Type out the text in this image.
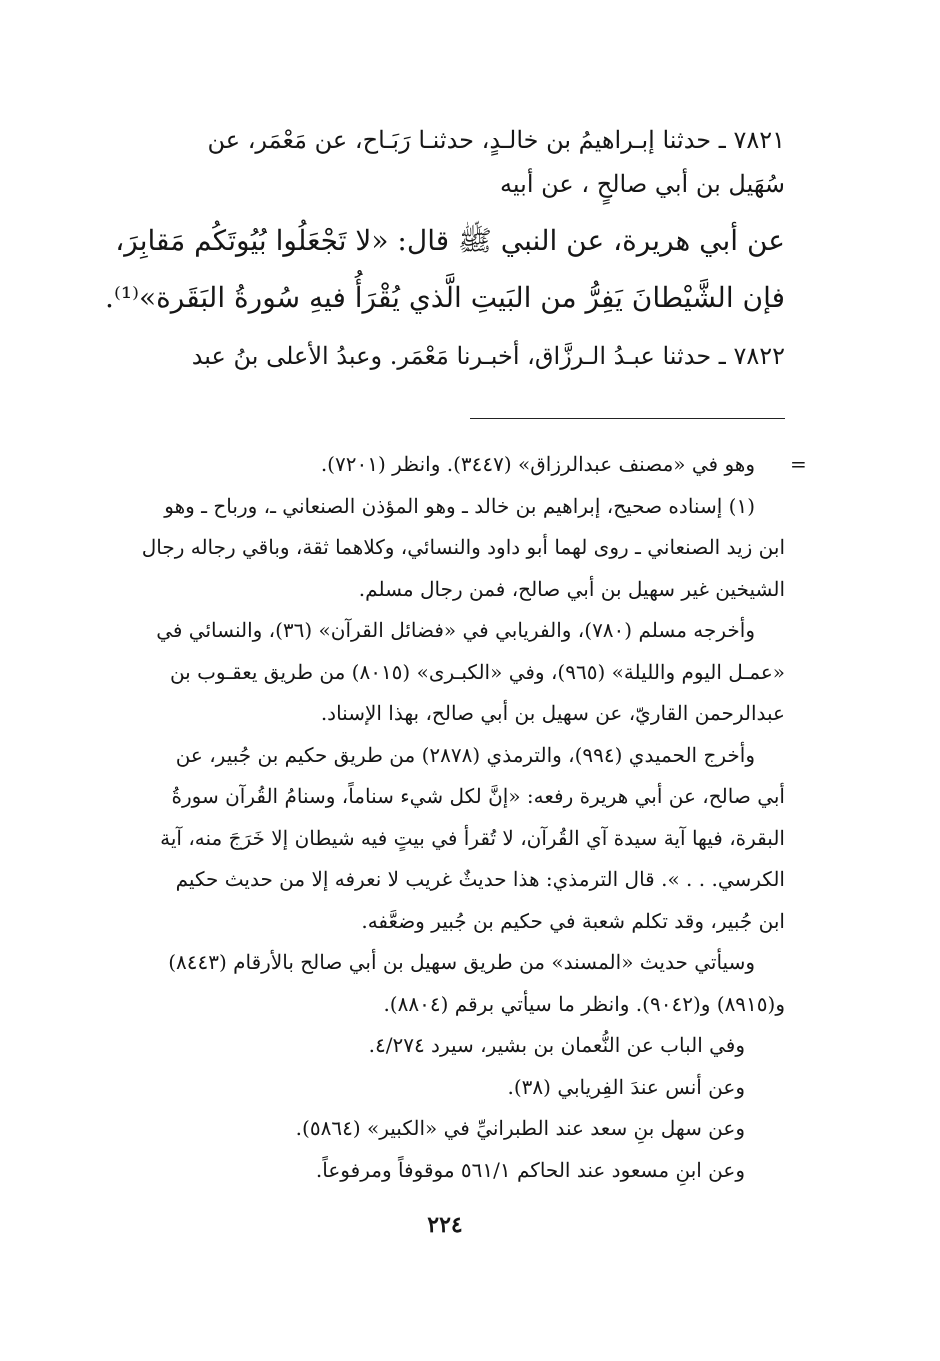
٧٨٢١ ـ حدثنا إبـراهيمُ بن خالـدٍ، حدثنـا رَبَـاح، عن مَعْمَر، عن
سُهَيل بن أبي صالحٍ ، عن أبيه
عن أبي هريرة، عن النبي ﷺ قال: «لا تَجْعَلُوا بُيُوتَكُم مَقابِرَ،
فإن الشَّيْطانَ يَفِرُّ من البَيتِ الَّذي يُقْرَأُ فيهِ سُورةُ البَقَرة»⁽¹⁾.
٧٨٢٢ ـ حدثنا عبـدُ الـرزَّاق، أخبـرنا مَعْمَر. وعبدُ الأعلى بنُ عبد
=
وهو في «مصنف عبدالرزاق» (٣٤٤٧). وانظر (٧٢٠١).
(١) إسناده صحيح، إبراهيم بن خالد ـ وهو المؤذن الصنعاني ـ، ورباح ـ وهو
ابن زيد الصنعاني ـ روى لهما أبو داود والنسائي، وكلاهما ثقة، وباقي رجاله رجال
الشيخين غير سهيل بن أبي صالح، فمن رجال مسلم.
وأخرجه مسلم (٧٨٠)، والفريابي في «فضائل القرآن» (٣٦)، والنسائي في
«عمـل اليوم والليلة» (٩٦٥)، وفي «الكبـرى» (٨٠١٥) من طريق يعقـوب بن
عبدالرحمن القاريّ، عن سهيل بن أبي صالح، بهذا الإسناد.
وأخرج الحميدي (٩٩٤)، والترمذي (٢٨٧٨) من طريق حكيم بن جُبير، عن
أبي صالح، عن أبي هريرة رفعه: «إنَّ لكل شيء سناماً، وسنامُ القُرآن سورةُ
البقرة، فيها آية سيدة آي القُرآن، لا تُقرأ في بيتٍ فيه شيطان إلا خَرَجَ منه، آية
الكرسي. . . ». قال الترمذي: هذا حديثٌ غريب لا نعرفه إلا من حديث حكيم
ابن جُبير، وقد تكلم شعبة في حكيم بن جُبير وضعَّفه.
وسيأتي حديث «المسند» من طريق سهيل بن أبي صالح بالأرقام (٨٤٤٣)
و(٨٩١٥) و(٩٠٤٢). وانظر ما سيأتي برقم (٨٨٠٤).
وفي الباب عن النُّعمان بن بشير، سيرد ٤/٢٧٤.
وعن أنس عندَ الفِريابي (٣٨).
وعن سهل بنِ سعد عند الطبرانيِّ في «الكبير» (٥٨٦٤).
وعن ابنِ مسعود عند الحاكم ٥٦١/١ موقوفاً ومرفوعاً.
٢٢٤
